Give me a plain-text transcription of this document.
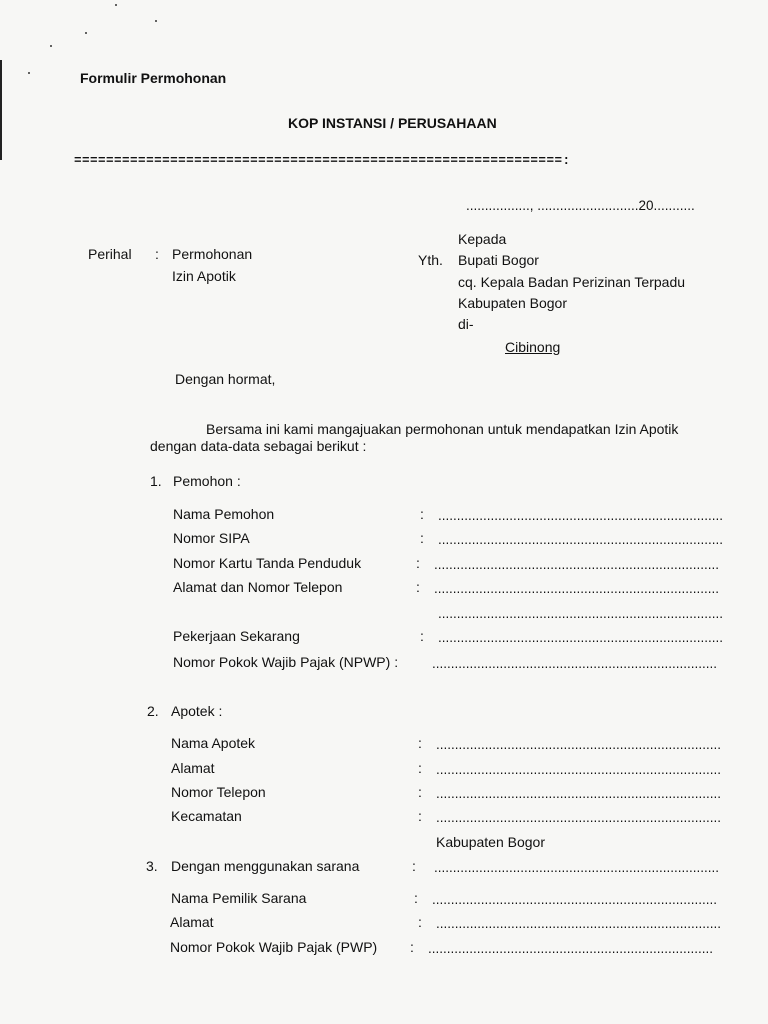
Formulir Permohonan
KOP INSTANSI / PERUSAHAAN
=============================================================:
................., ...........................20...........
Perihal : Permohonan
Izin Apotik
Kepada
Yth. Bupati Bogor
cq. Kepala Badan Perizinan Terpadu
Kabupaten Bogor
di-
Cibinong
Dengan hormat,
Bersama ini kami mangajuakan permohonan untuk mendapatkan Izin Apotik
dengan data-data sebagai berikut :
1. Pemohon :
Nama Pemohon	: ............................................................................
Nomor SIPA	: ............................................................................
Nomor Kartu Tanda Penduduk	: ............................................................................
Alamat dan Nomor Telepon	: ............................................................................
............................................................................
Pekerjaan Sekarang	: ............................................................................
Nomor Pokok Wajib Pajak (NPWP) :	............................................................................
2. Apotek :
Nama Apotek	: ............................................................................
Alamat	: ............................................................................
Nomor Telepon	: ............................................................................
Kecamatan	: ............................................................................
Kabupaten Bogor
3. Dengan menggunakan sarana	: ............................................................................
Nama Pemilik Sarana	: ............................................................................
Alamat	: ............................................................................
Nomor Pokok Wajib Pajak (PWP) : ............................................................................
